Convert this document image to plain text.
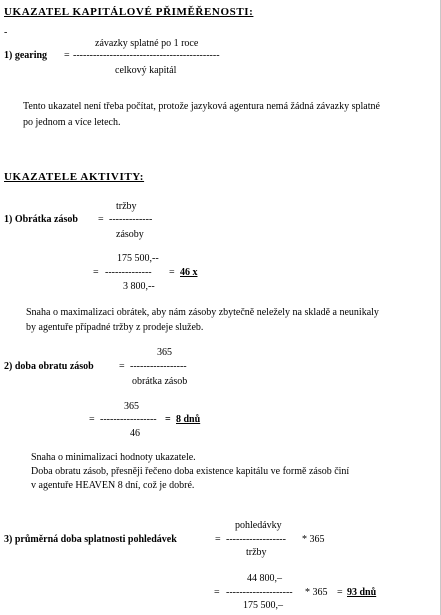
UKAZATEL KAPITÁLOVÉ PŘIMĚŘENOSTI:
-
závazky splatné po 1 roce
1) gearing = --------------------------------------------
celkový kapitál
Tento ukazatel není třeba počítat, protože jazyková agentura nemá žádná závazky splatné
po jednom a více letech.
UKAZATELE AKTIVITY:
tržby
1) Obrátka zásob = -------------
zásoby
175 500,--
= -------------- = 46 x
3 800,--
Snaha o maximalizaci obrátek, aby nám zásoby zbytečně neležely na skladě a neunikaly
by agentuře případné tržby z prodeje služeb.
365
2) doba obratu zásob	= -----------------
obrátka zásob
365
= ----------------- = 8 dnů
46
Snaha o minimalizaci hodnoty ukazatele.
Doba obratu zásob, přesněji řečeno doba existence kapitálu ve formě zásob činí
v agentuře HEAVEN 8 dní, což je dobré.
pohledávky
3) průměrná doba splatnosti pohledávek	= ------------------ * 365
tržby
44 800,–
= -------------------- * 365 = 93 dnů
175 500,–
